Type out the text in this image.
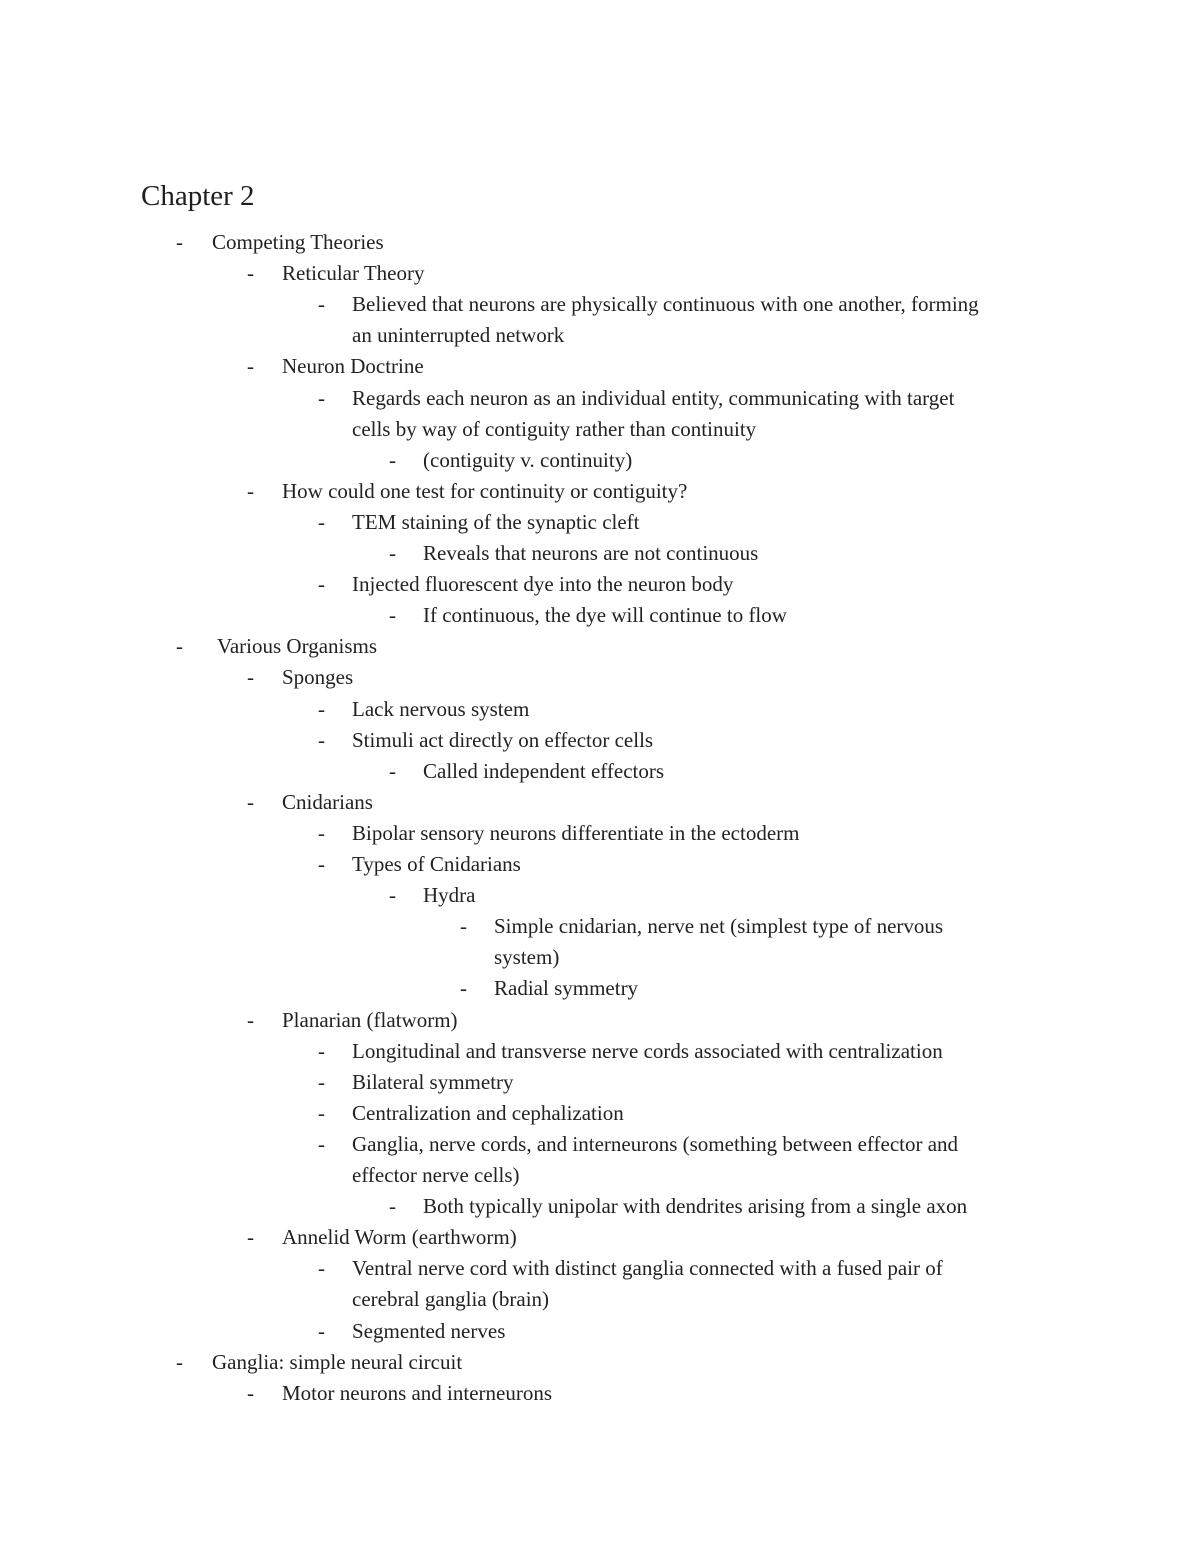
Chapter 2
- Competing Theories
- Reticular Theory
- Believed that neurons are physically continuous with one another, forming
an uninterrupted network
- Neuron Doctrine
- Regards each neuron as an individual entity, communicating with target
cells by way of contiguity rather than continuity
- (contiguity v. continuity)
- How could one test for continuity or contiguity?
- TEM staining of the synaptic cleft
- Reveals that neurons are not continuous
- Injected fluorescent dye into the neuron body
- If continuous, the dye will continue to flow
- Various Organisms
- Sponges
- Lack nervous system
- Stimuli act directly on effector cells
- Called independent effectors
- Cnidarians
- Bipolar sensory neurons differentiate in the ectoderm
- Types of Cnidarians
- Hydra
- Simple cnidarian, nerve net (simplest type of nervous
system)
- Radial symmetry
- Planarian (flatworm)
- Longitudinal and transverse nerve cords associated with centralization
- Bilateral symmetry
- Centralization and cephalization
- Ganglia, nerve cords, and interneurons (something between effector and
effector nerve cells)
- Both typically unipolar with dendrites arising from a single axon
- Annelid Worm (earthworm)
- Ventral nerve cord with distinct ganglia connected with a fused pair of
cerebral ganglia (brain)
- Segmented nerves
- Ganglia: simple neural circuit
- Motor neurons and interneurons
